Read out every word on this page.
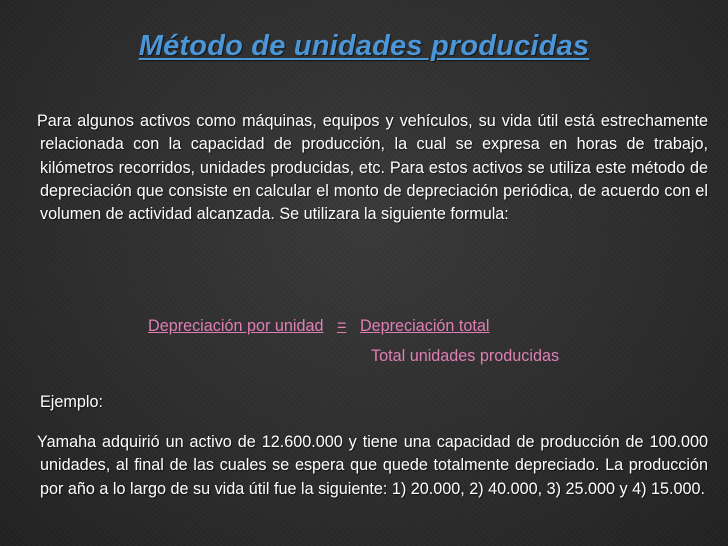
Método de unidades producidas
Para algunos activos como máquinas, equipos y vehículos, su vida útil está estrechamente relacionada con la capacidad de producción, la cual se expresa en horas de trabajo, kilómetros recorridos, unidades producidas, etc. Para estos activos se utiliza este método de depreciación que consiste en calcular el monto de depreciación periódica, de acuerdo con el volumen de actividad alcanzada. Se utilizara la siguiente formula:
Depreciación por unidad = Depreciación total
Total unidades producidas
Ejemplo:
Yamaha adquirió un activo de 12.600.000 y tiene una capacidad de producción de 100.000 unidades, al final de las cuales se espera que quede totalmente depreciado. La producción por año a lo largo de su vida útil fue la siguiente: 1) 20.000, 2) 40.000, 3) 25.000 y 4) 15.000.
